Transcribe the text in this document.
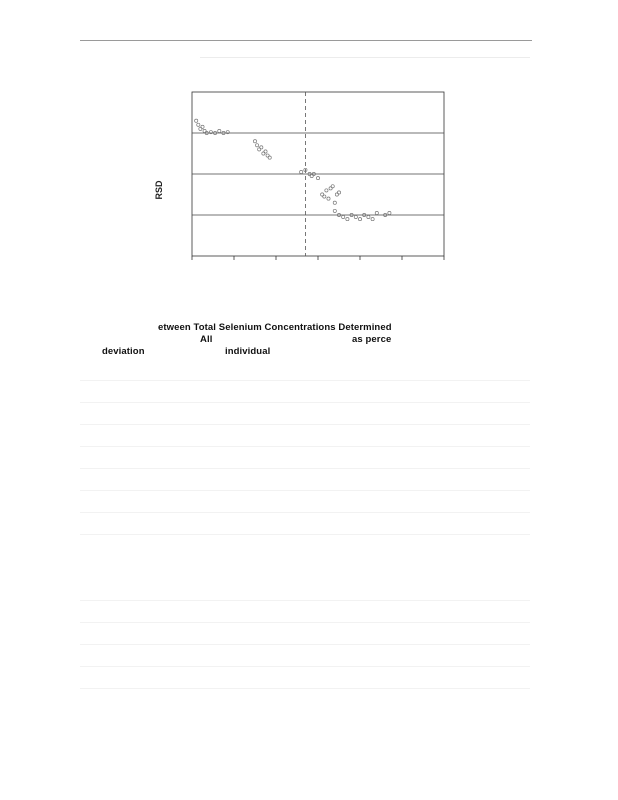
RSD
etween Total Selenium Concentrations Determined
All	as perce
deviation	individual
